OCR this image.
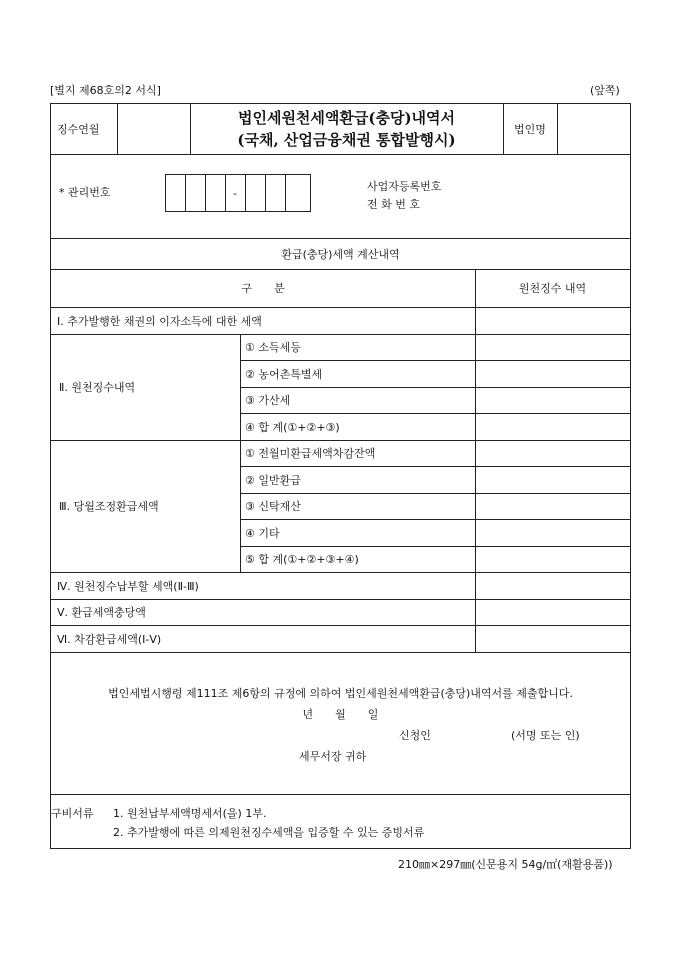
[별지 제68호의2 서식]	(앞쪽)
징수연월
법인세원천세액환급(충당)내역서
(국채, 산업금융채권 통합발행시)
법인명
* 관리번호	-
사업자등록번호
전 화 번 호
환급(충당)세액 계산내역
구　　분	원천징수 내역
Ⅰ. 추가발행한 채권의 이자소득에 대한 세액
Ⅱ. 원천징수내역
① 소득세등
② 농어촌특별세
③ 가산세
④ 합 계(①+②+③)
Ⅲ. 당월조정환급세액
① 전월미환급세액차감잔액
② 일반환급
③ 신탁재산
④ 기타
⑤ 합 계(①+②+③+④)
Ⅳ. 원천징수납부할 세액(Ⅱ-Ⅲ)
Ⅴ. 환급세액충당액
Ⅵ. 차감환급세액(Ⅰ-Ⅴ)
법인세법시행령 제111조 제6항의 규정에 의하여 법인세원천세액환급(충당)내역서를 제출합니다.
년　　월　　일
신청인	(서명 또는 인)
세무서장 귀하
구비서류 1. 원천납부세액명세서(을) 1부.
2. 추가발행에 따른 의제원천징수세액을 입증할 수 있는 증빙서류
210㎜×297㎜(신문용지 54g/㎡(재활용품))
